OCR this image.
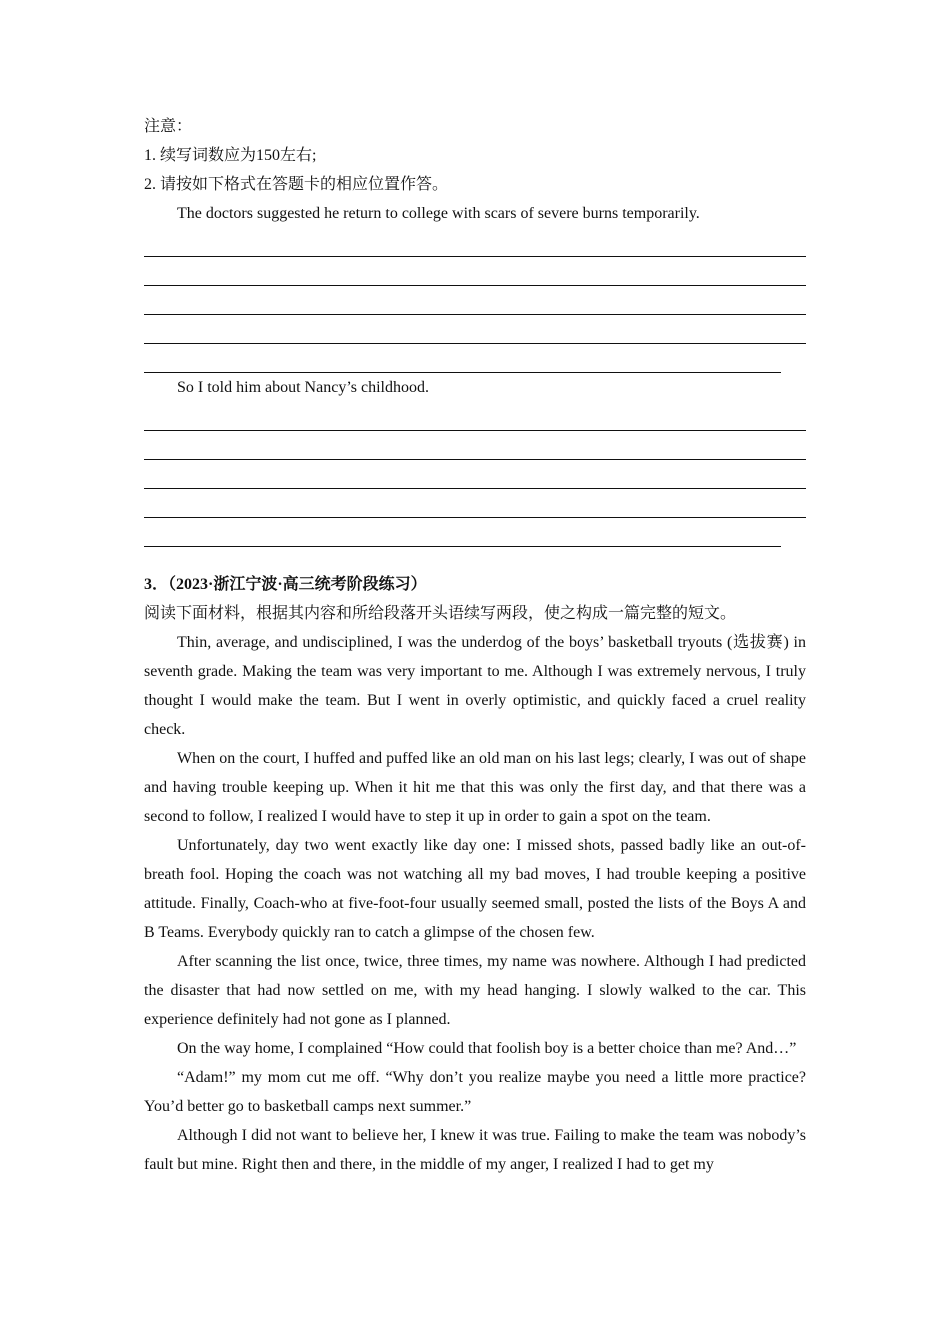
注意：
1. 续写词数应为150左右;
2. 请按如下格式在答题卡的相应位置作答。
The doctors suggested he return to college with scars of severe burns temporarily.
So I told him about Nancy’s childhood.
3．（2023·浙江宁波·高三统考阶段练习）
阅读下面材料，根据其内容和所给段落开头语续写两段，使之构成一篇完整的短文。
Thin, average, and undisciplined, I was the underdog of the boys’ basketball tryouts (选拔赛) in seventh grade. Making the team was very important to me. Although I was extremely nervous, I truly thought I would make the team. But I went in overly optimistic, and quickly faced a cruel reality check.
When on the court, I huffed and puffed like an old man on his last legs; clearly, I was out of shape and having trouble keeping up. When it hit me that this was only the first day, and that there was a second to follow, I realized I would have to step it up in order to gain a spot on the team.
Unfortunately, day two went exactly like day one: I missed shots, passed badly like an out-of-breath fool. Hoping the coach was not watching all my bad moves, I had trouble keeping a positive attitude. Finally, Coach-who at five-foot-four usually seemed small, posted the lists of the Boys A and B Teams. Everybody quickly ran to catch a glimpse of the chosen few.
After scanning the list once, twice, three times, my name was nowhere. Although I had predicted the disaster that had now settled on me, with my head hanging. I slowly walked to the car. This experience definitely had not gone as I planned.
On the way home, I complained “How could that foolish boy is a better choice than me? And…”
“Adam!” my mom cut me off. “Why don’t you realize maybe you need a little more practice? You’d better go to basketball camps next summer.”
Although I did not want to believe her, I knew it was true. Failing to make the team was nobody’s fault but mine. Right then and there, in the middle of my anger, I realized I had to get my
